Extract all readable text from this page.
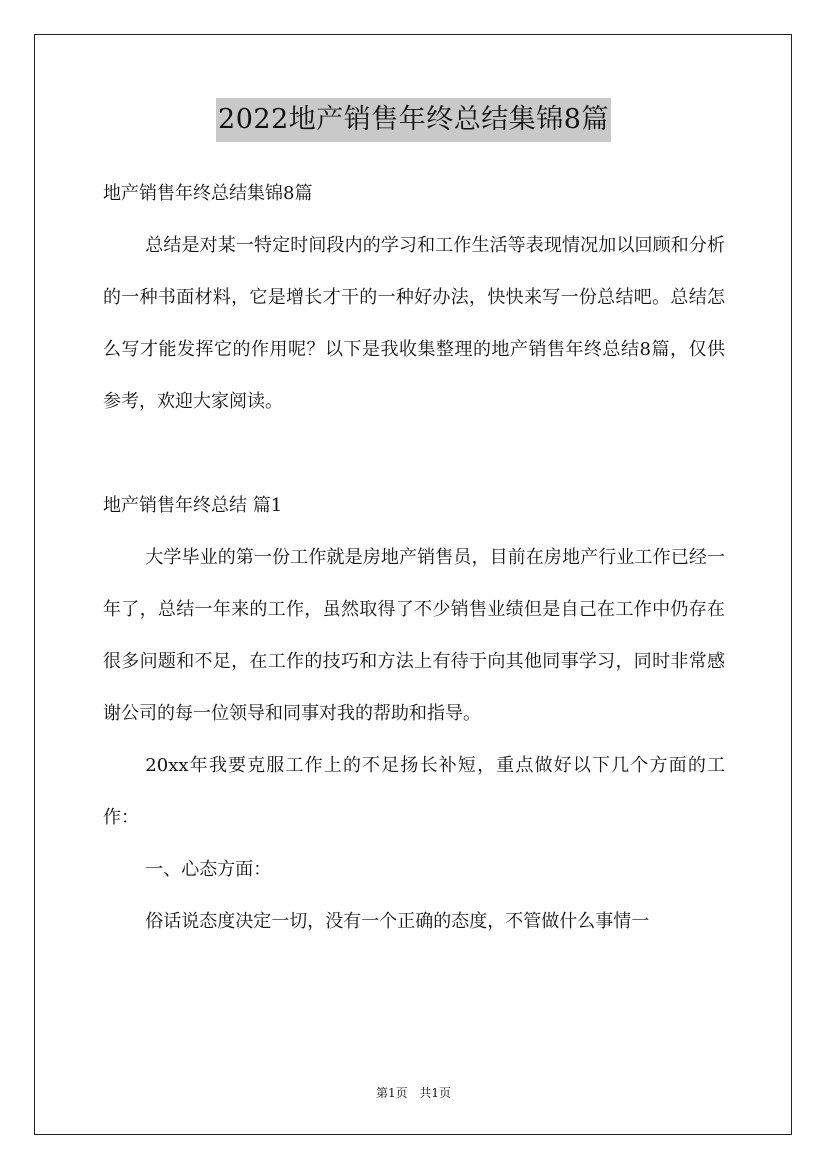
2022地产销售年终总结集锦8篇

地产销售年终总结集锦8篇

总结是对某一特定时间段内的学习和工作生活等表现情况加以回顾和分析的一种书面材料，它是增长才干的一种好办法，快快来写一份总结吧。总结怎么写才能发挥它的作用呢？以下是我收集整理的地产销售年终总结8篇，仅供参考，欢迎大家阅读。

地产销售年终总结 篇1

大学毕业的第一份工作就是房地产销售员，目前在房地产行业工作已经一年了，总结一年来的工作，虽然取得了不少销售业绩但是自己在工作中仍存在很多问题和不足，在工作的技巧和方法上有待于向其他同事学习，同时非常感谢公司的每一位领导和同事对我的帮助和指导。

20xx年我要克服工作上的不足扬长补短，重点做好以下几个方面的工作：

一、心态方面：

俗话说态度决定一切，没有一个正确的态度，不管做什么事情一

第1页 共1页
